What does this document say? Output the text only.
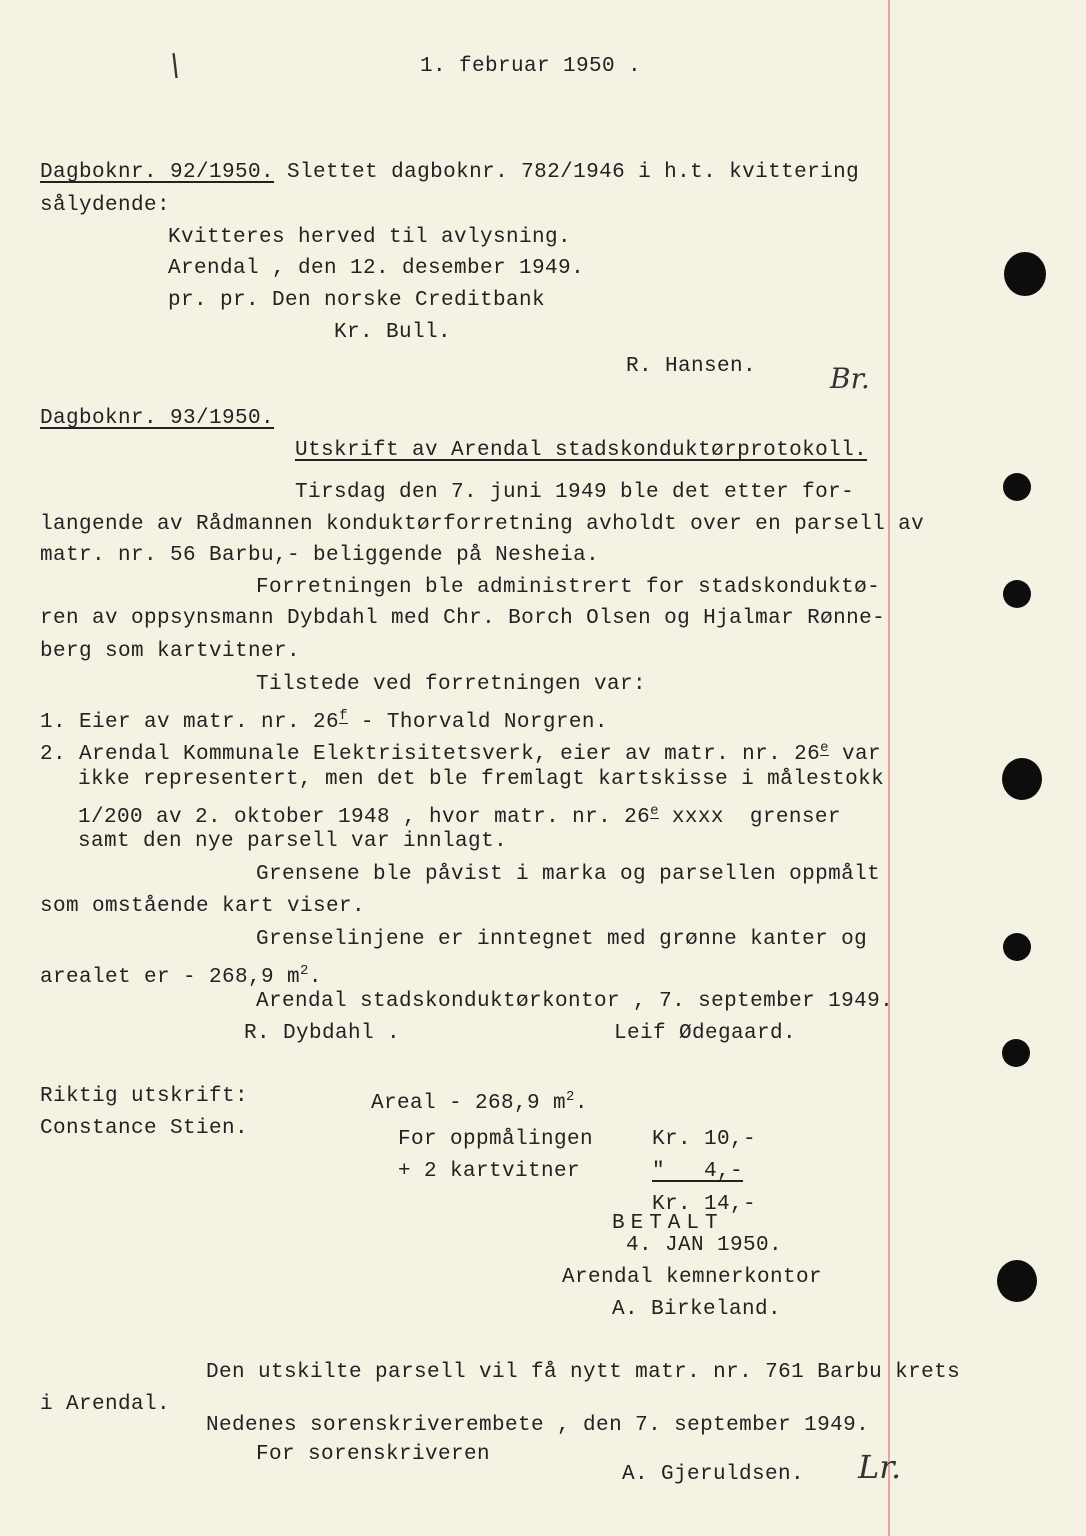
\	1. februar 1950 .
Dagboknr. 92/1950. Slettet dagboknr. 782/1946 i h.t. kvittering
sålydende:
Kvitteres herved til avlysning.
Arendal , den 12. desember 1949.
pr. pr. Den norske Creditbank
Kr. Bull.
R. Hansen.	Br.
Dagboknr. 93/1950.
Utskrift av Arendal stadskonduktørprotokoll.
Tirsdag den 7. juni 1949 ble det etter for-
langende av Rådmannen konduktørforretning avholdt over en parsell av
matr. nr. 56 Barbu,- beliggende på Nesheia.
Forretningen ble administrert for stadskonduktø-
ren av oppsynsmann Dybdahl med Chr. Borch Olsen og Hjalmar Rønne-
berg som kartvitner.
Tilstede ved forretningen var:
1. Eier av matr. nr. 26$^f$ - Thorvald Norgren.
2. Arendal Kommunale Elektrisitetsverk, eier av matr. nr. 26e var
ikke representert, men det ble fremlagt kartskisse i målestokk
1/200 av 2. oktober 1948 , hvor matr. nr. 26e xxxx  grenser
samt den nye parsell var innlagt.
Grensene ble påvist i marka og parsellen oppmålt
som omstående kart viser.
Grenselinjene er inntegnet med grønne kanter og
arealet er - 268,9 $m^2$.
Arendal stadskonduktørkontor , 7. september 1949.
R. Dybdahl .	Leif Ødegaard.
Riktig utskrift:
Constance Stien.
Areal - 268,9 $m^2$.
For oppmålingen	Kr. 10,-
+ 2 kartvitner	"   4,-
Kr. 14,-
BETALT
4. JAN 1950.
Arendal kemnerkontor
A. Birkeland.
Den utskilte parsell vil få nytt matr. nr. 761 Barbu krets
i Arendal.
Nedenes sorenskriverembete , den 7. september 1949.
For sorenskriveren
A. Gjeruldsen. Lr.
